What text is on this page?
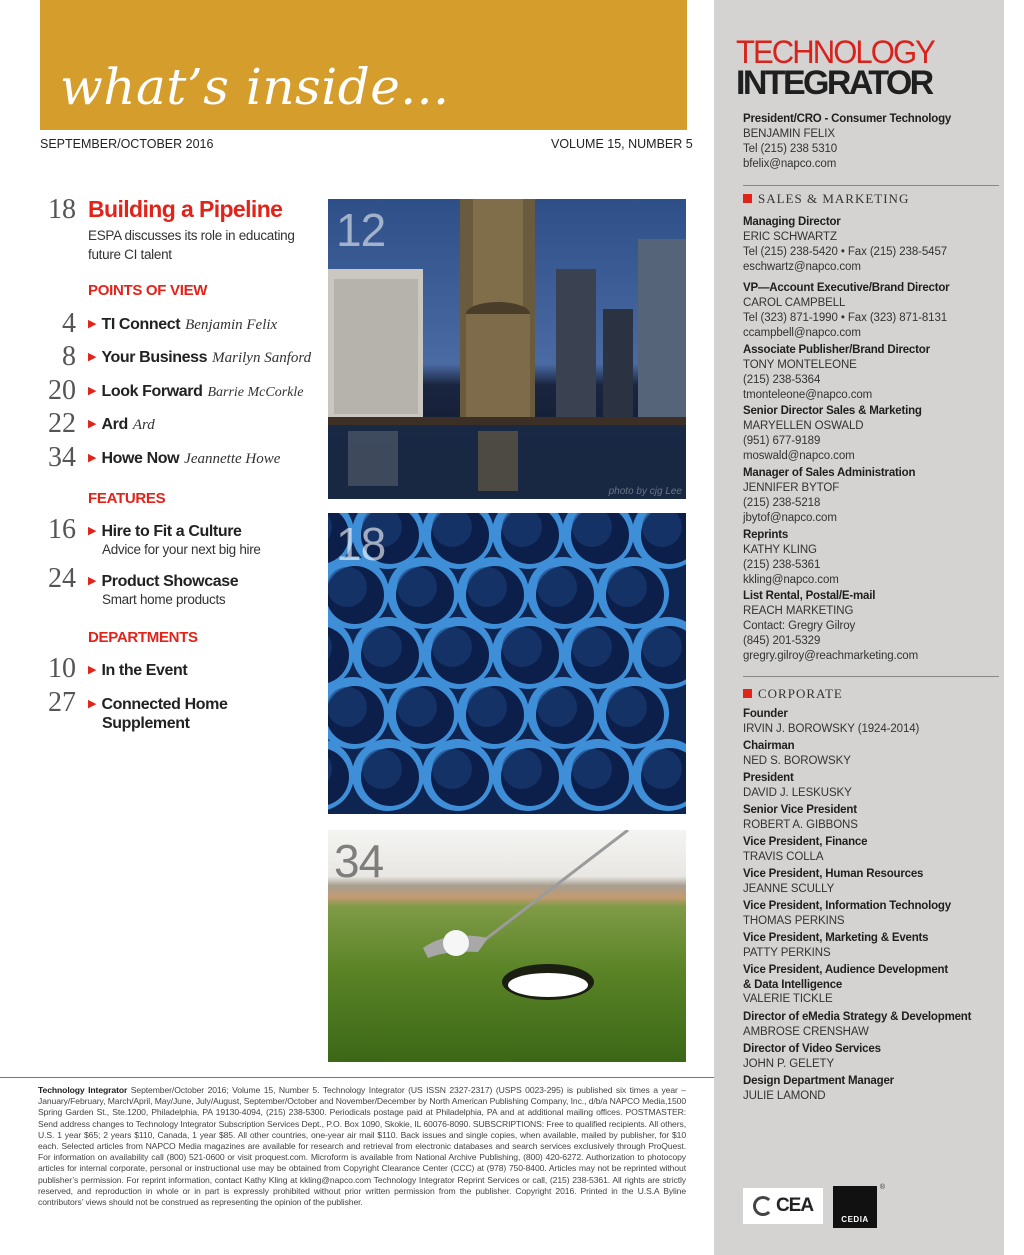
what’s inside...
SEPTEMBER/OCTOBER 2016	VOLUME 15, NUMBER 5
18 Building a Pipeline
ESPA discusses its role in educating
future CI talent
POINTS OF VIEW
4 ▶ TI Connect Benjamin Felix
8 ▶ Your Business Marilyn Sanford
20 ▶ Look Forward Barrie McCorkle
22 ▶ Ard Ard
34 ▶ Howe Now Jeannette Howe
FEATURES
16 ▶ Hire to Fit a Culture
Advice for your next big hire
24 ▶ Product Showcase
Smart home products
DEPARTMENTS
10 ▶ In the Event
27 ▶ Connected Home
Supplement
12
photo by cjg Lee
18
34
Technology Integrator September/October 2016; Volume 15, Number 5. Technology Integrator (US ISSN 2327-2317) (USPS 0023-295) is published six times a year – January/February, March/April, May/June, July/August, September/October and November/December by North American Publishing Company, Inc., d/b/a NAPCO Media,1500 Spring Garden St., Ste.1200, Philadelphia, PA 19130-4094, (215) 238-5300. Periodicals postage paid at Philadelphia, PA and at additional mailing offices. POSTMASTER: Send address changes to Technology Integrator Subscription Services Dept., P.O. Box 1090, Skokie, IL 60076-8090. SUBSCRIPTIONS: Free to qualified recipients. All others, U.S. 1 year $65; 2 years $110, Canada, 1 year $85. All other countries, one-year air mail $110. Back issues and single copies, when available, mailed by publisher, for $10 each. Selected articles from NAPCO Media magazines are available for research and retrieval from electronic databases and search services exclusively through ProQuest. For information on availability call (800) 521-0600 or visit proquest.com. Microform is available from National Archive Publishing, (800) 420-6272. Authorization to photocopy articles for internal corporate, personal or instructional use may be obtained from Copyright Clearance Center (CCC) at (978) 750-8400. Articles may not be reprinted without publisher’s permission. For reprint information, contact Kathy Kling at kkling@napco.com Technology Integrator Reprint Services or call, (215) 238-5361. All rights are strictly reserved, and reproduction in whole or in part is expressly prohibited without prior written permission from the publisher. Copyright 2016. Printed in the U.S.A Byline contributors’ views should not be construed as representing the opinion of the publisher.
TECHNOLOGY
INTEGRATOR
President/CRO - Consumer Technology
BENJAMIN FELIX
Tel (215) 238 5310
bfelix@napco.com
SALES & MARKETING
Managing Director
ERIC SCHWARTZ
Tel (215) 238-5420 • Fax (215) 238-5457
eschwartz@napco.com
VP—Account Executive/Brand Director
CAROL CAMPBELL
Tel (323) 871-1990 • Fax (323) 871-8131
ccampbell@napco.com
Associate Publisher/Brand Director
TONY MONTELEONE
(215) 238-5364
tmonteleone@napco.com
Senior Director Sales & Marketing
MARYELLEN OSWALD
(951) 677-9189
moswald@napco.com
Manager of Sales Administration
JENNIFER BYTOF
(215) 238-5218
jbytof@napco.com
Reprints
KATHY KLING
(215) 238-5361
kkling@napco.com
List Rental, Postal/E-mail
REACH MARKETING
Contact: Gregry Gilroy
(845) 201-5329
gregry.gilroy@reachmarketing.com
CORPORATE
Founder
IRVIN J. BOROWSKY (1924-2014)
Chairman
NED S. BOROWSKY
President
DAVID J. LESKUSKY
Senior Vice President
ROBERT A. GIBBONS
Vice President, Finance
TRAVIS COLLA
Vice President, Human Resources
JEANNE SCULLY
Vice President, Information Technology
THOMAS PERKINS
Vice President, Marketing & Events
PATTY PERKINS
Vice President, Audience Development
& Data Intelligence
VALERIE TICKLE
Director of eMedia Strategy & Development
AMBROSE CRENSHAW
Director of Video Services
JOHN P. GELETY
Design Department Manager
JULIE LAMOND
CEA
CEDIA
®
